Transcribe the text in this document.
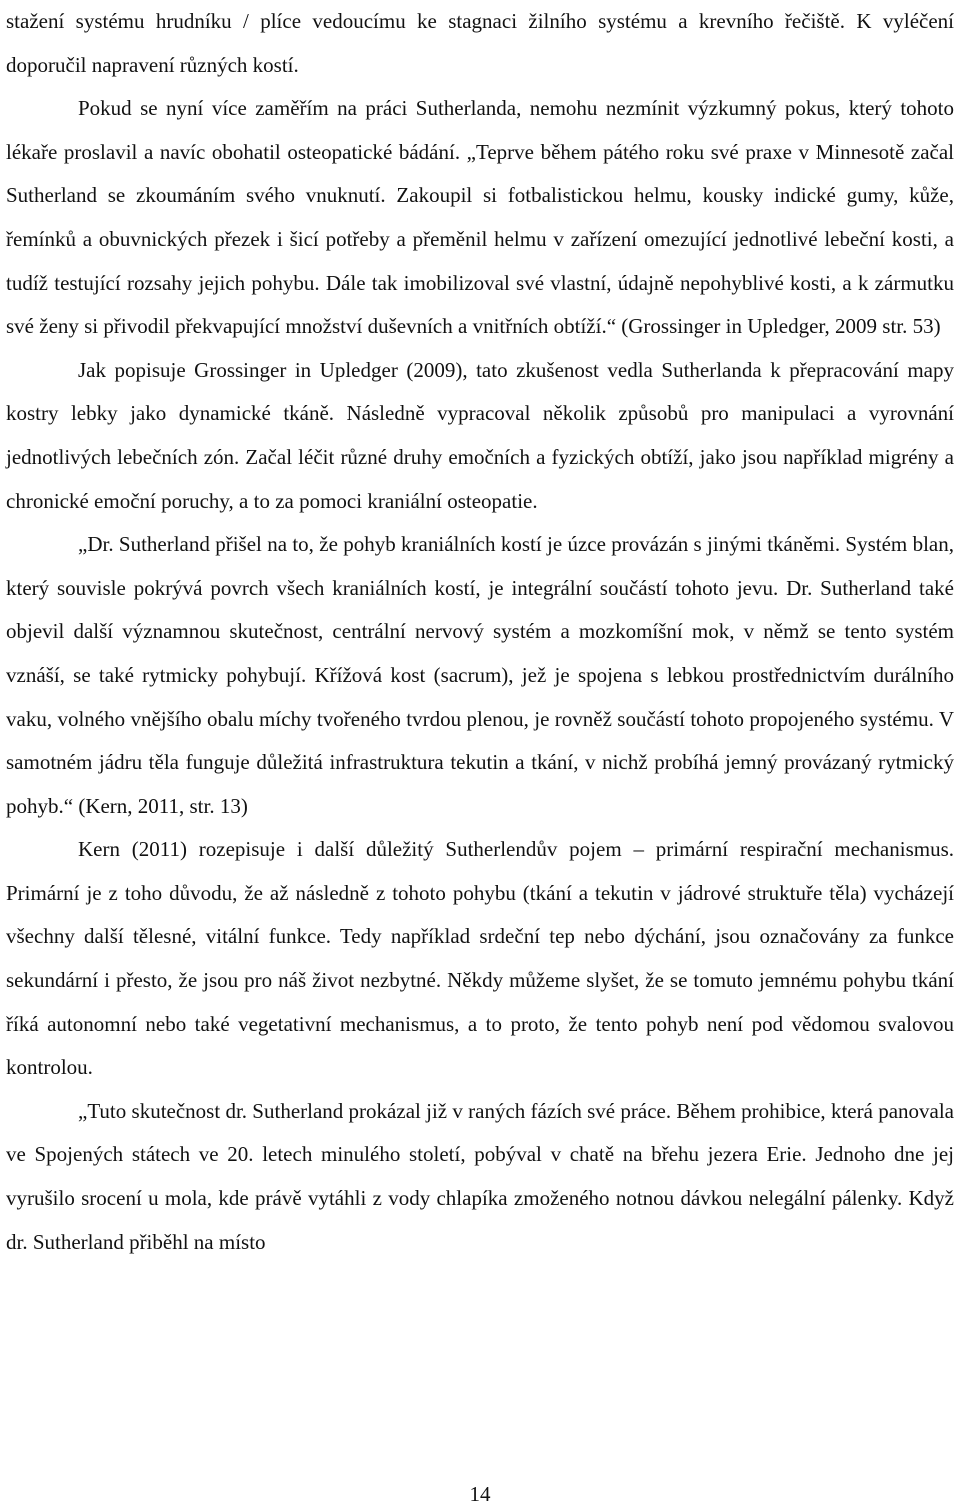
stažení systému hrudníku / plíce vedoucímu ke stagnaci žilního systému a krevního řečiště. K vyléčení doporučil napravení různých kostí.

Pokud se nyní více zaměřím na práci Sutherlanda, nemohu nezmínit výzkumný pokus, který tohoto lékaře proslavil a navíc obohatil osteopatické bádání. „Teprve během pátého roku své praxe v Minnesotě začal Sutherland se zkoumáním svého vnuknutí. Zakoupil si fotbalistickou helmu, kousky indické gumy, kůže, řemínků a obuvnických přezek i šicí potřeby a přeměnil helmu v zařízení omezující jednotlivé lebeční kosti, a tudíž testující rozsahy jejich pohybu. Dále tak imobilizoval své vlastní, údajně nepohyblivé kosti, a k zármutku své ženy si přivodil překvapující množství duševních a vnitřních obtíží.“ (Grossinger in Upledger, 2009 str. 53)

Jak popisuje Grossinger in Upledger (2009), tato zkušenost vedla Sutherlanda k přepracování mapy kostry lebky jako dynamické tkáně. Následně vypracoval několik způsobů pro manipulaci a vyrovnání jednotlivých lebečních zón. Začal léčit různé druhy emočních a fyzických obtíží, jako jsou například migrény a chronické emoční poruchy, a to za pomoci kraniální osteopatie.

„Dr. Sutherland přišel na to, že pohyb kraniálních kostí je úzce provázán s jinými tkáněmi. Systém blan, který souvisle pokrývá povrch všech kraniálních kostí, je integrální součástí tohoto jevu. Dr. Sutherland také objevil další významnou skutečnost, centrální nervový systém a mozkomíšní mok, v němž se tento systém vznáší, se také rytmicky pohybují. Křížová kost (sacrum), jež je spojena s lebkou prostřednictvím durálního vaku, volného vnějšího obalu míchy tvořeného tvrdou plenou, je rovněž součástí tohoto propojeného systému. V samotném jádru těla funguje důležitá infrastruktura tekutin a tkání, v nichž probíhá jemný provázaný rytmický pohyb.“ (Kern, 2011, str. 13)

Kern (2011) rozepisuje i další důležitý Sutherlendův pojem – primární respirační mechanismus. Primární je z toho důvodu, že až následně z tohoto pohybu (tkání a tekutin v jádrové struktuře těla) vycházejí všechny další tělesné, vitální funkce. Tedy například srdeční tep nebo dýchání, jsou označovány za funkce sekundární i přesto, že jsou pro náš život nezbytné. Někdy můžeme slyšet, že se tomuto jemnému pohybu tkání říká autonomní nebo také vegetativní mechanismus, a to proto, že tento pohyb není pod vědomou svalovou kontrolou.

„Tuto skutečnost dr. Sutherland prokázal již v raných fázích své práce. Během prohibice, která panovala ve Spojených státech ve 20. letech minulého století, pobýval v chatě na břehu jezera Erie. Jednoho dne jej vyrušilo srocení u mola, kde právě vytáhli z vody chlapíka zmoženého notnou dávkou nelegální pálenky. Když dr. Sutherland přiběhl na místo

14
